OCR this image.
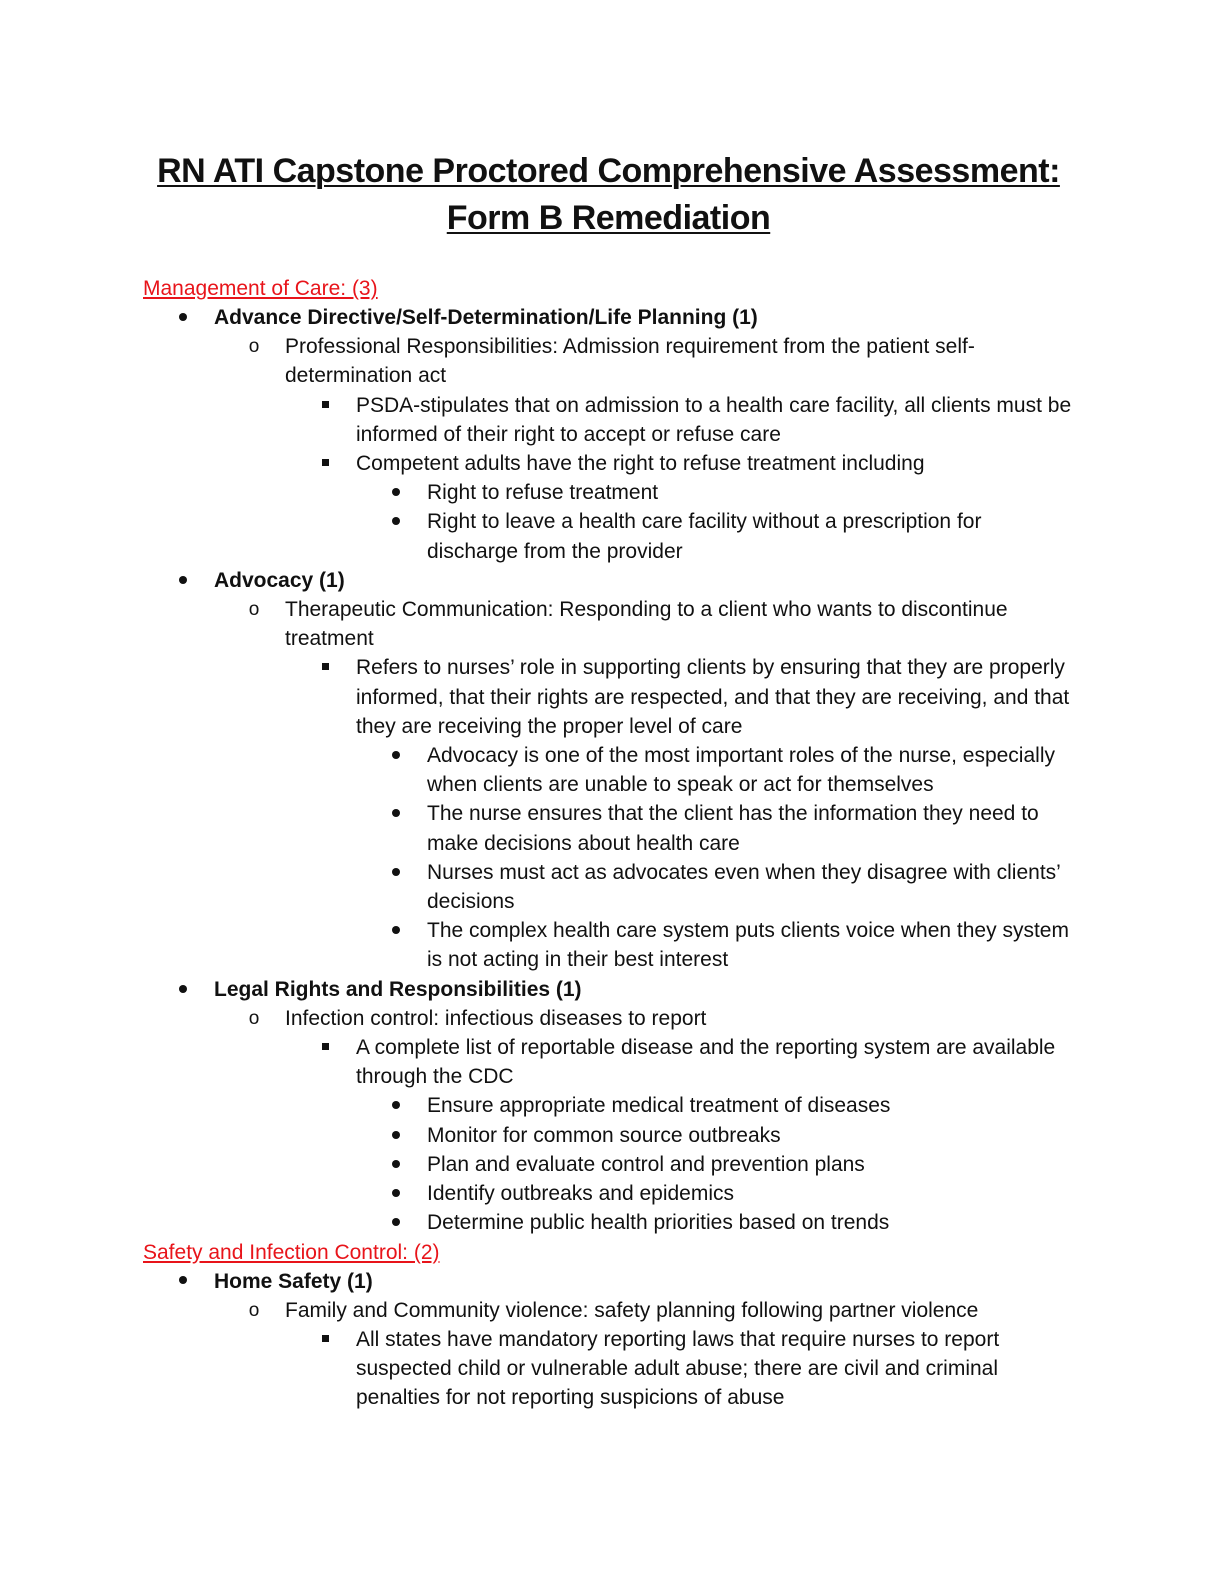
RN ATI Capstone Proctored Comprehensive Assessment:
Form B Remediation

Management of Care: (3)

Advance Directive/Self-Determination/Life Planning (1)
o Professional Responsibilities: Admission requirement from the patient self-determination act
PSDA-stipulates that on admission to a health care facility, all clients must be informed of their right to accept or refuse care
Competent adults have the right to refuse treatment including
Right to refuse treatment
Right to leave a health care facility without a prescription for discharge from the provider
Advocacy (1)
o Therapeutic Communication: Responding to a client who wants to discontinue treatment
Refers to nurses’ role in supporting clients by ensuring that they are properly informed, that their rights are respected, and that they are receiving, and that they are receiving the proper level of care
Advocacy is one of the most important roles of the nurse, especially when clients are unable to speak or act for themselves
The nurse ensures that the client has the information they need to make decisions about health care
Nurses must act as advocates even when they disagree with clients’ decisions
The complex health care system puts clients voice when they system is not acting in their best interest
Legal Rights and Responsibilities (1)
o Infection control: infectious diseases to report
A complete list of reportable disease and the reporting system are available through the CDC
Ensure appropriate medical treatment of diseases
Monitor for common source outbreaks
Plan and evaluate control and prevention plans
Identify outbreaks and epidemics
Determine public health priorities based on trends

Safety and Infection Control: (2)

Home Safety (1)
o Family and Community violence: safety planning following partner violence
All states have mandatory reporting laws that require nurses to report suspected child or vulnerable adult abuse; there are civil and criminal penalties for not reporting suspicions of abuse
